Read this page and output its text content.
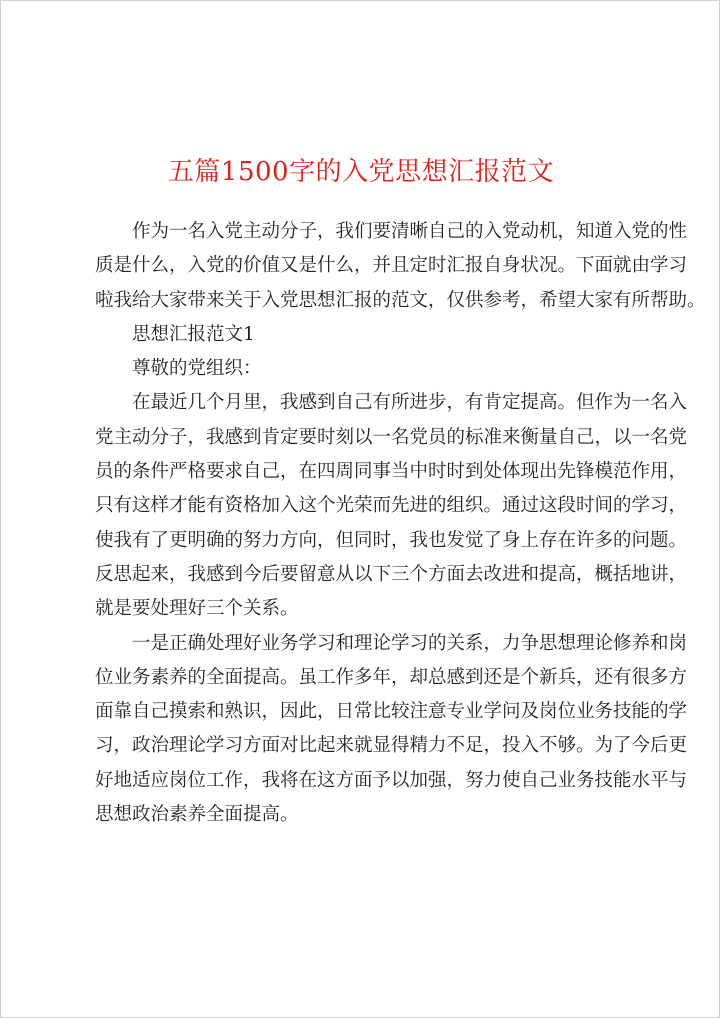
五篇1500字的入党思想汇报范文
作为一名入党主动分子，我们要清晰自己的入党动机，知道入党的性
质是什么，入党的价值又是什么，并且定时汇报自身状况。下面就由学习
啦我给大家带来关于入党思想汇报的范文，仅供参考，希望大家有所帮助。
思想汇报范文1
尊敬的党组织：
在最近几个月里，我感到自己有所进步，有肯定提高。但作为一名入
党主动分子，我感到肯定要时刻以一名党员的标准来衡量自己，以一名党
员的条件严格要求自己，在四周同事当中时时到处体现出先锋模范作用，
只有这样才能有资格加入这个光荣而先进的组织。通过这段时间的学习，
使我有了更明确的努力方向，但同时，我也发觉了身上存在许多的问题。
反思起来，我感到今后要留意从以下三个方面去改进和提高，概括地讲，
就是要处理好三个关系。
一是正确处理好业务学习和理论学习的关系，力争思想理论修养和岗
位业务素养的全面提高。虽工作多年，却总感到还是个新兵，还有很多方
面靠自己摸索和熟识，因此，日常比较注意专业学问及岗位业务技能的学
习，政治理论学习方面对比起来就显得精力不足，投入不够。为了今后更
好地适应岗位工作，我将在这方面予以加强，努力使自己业务技能水平与
思想政治素养全面提高。
